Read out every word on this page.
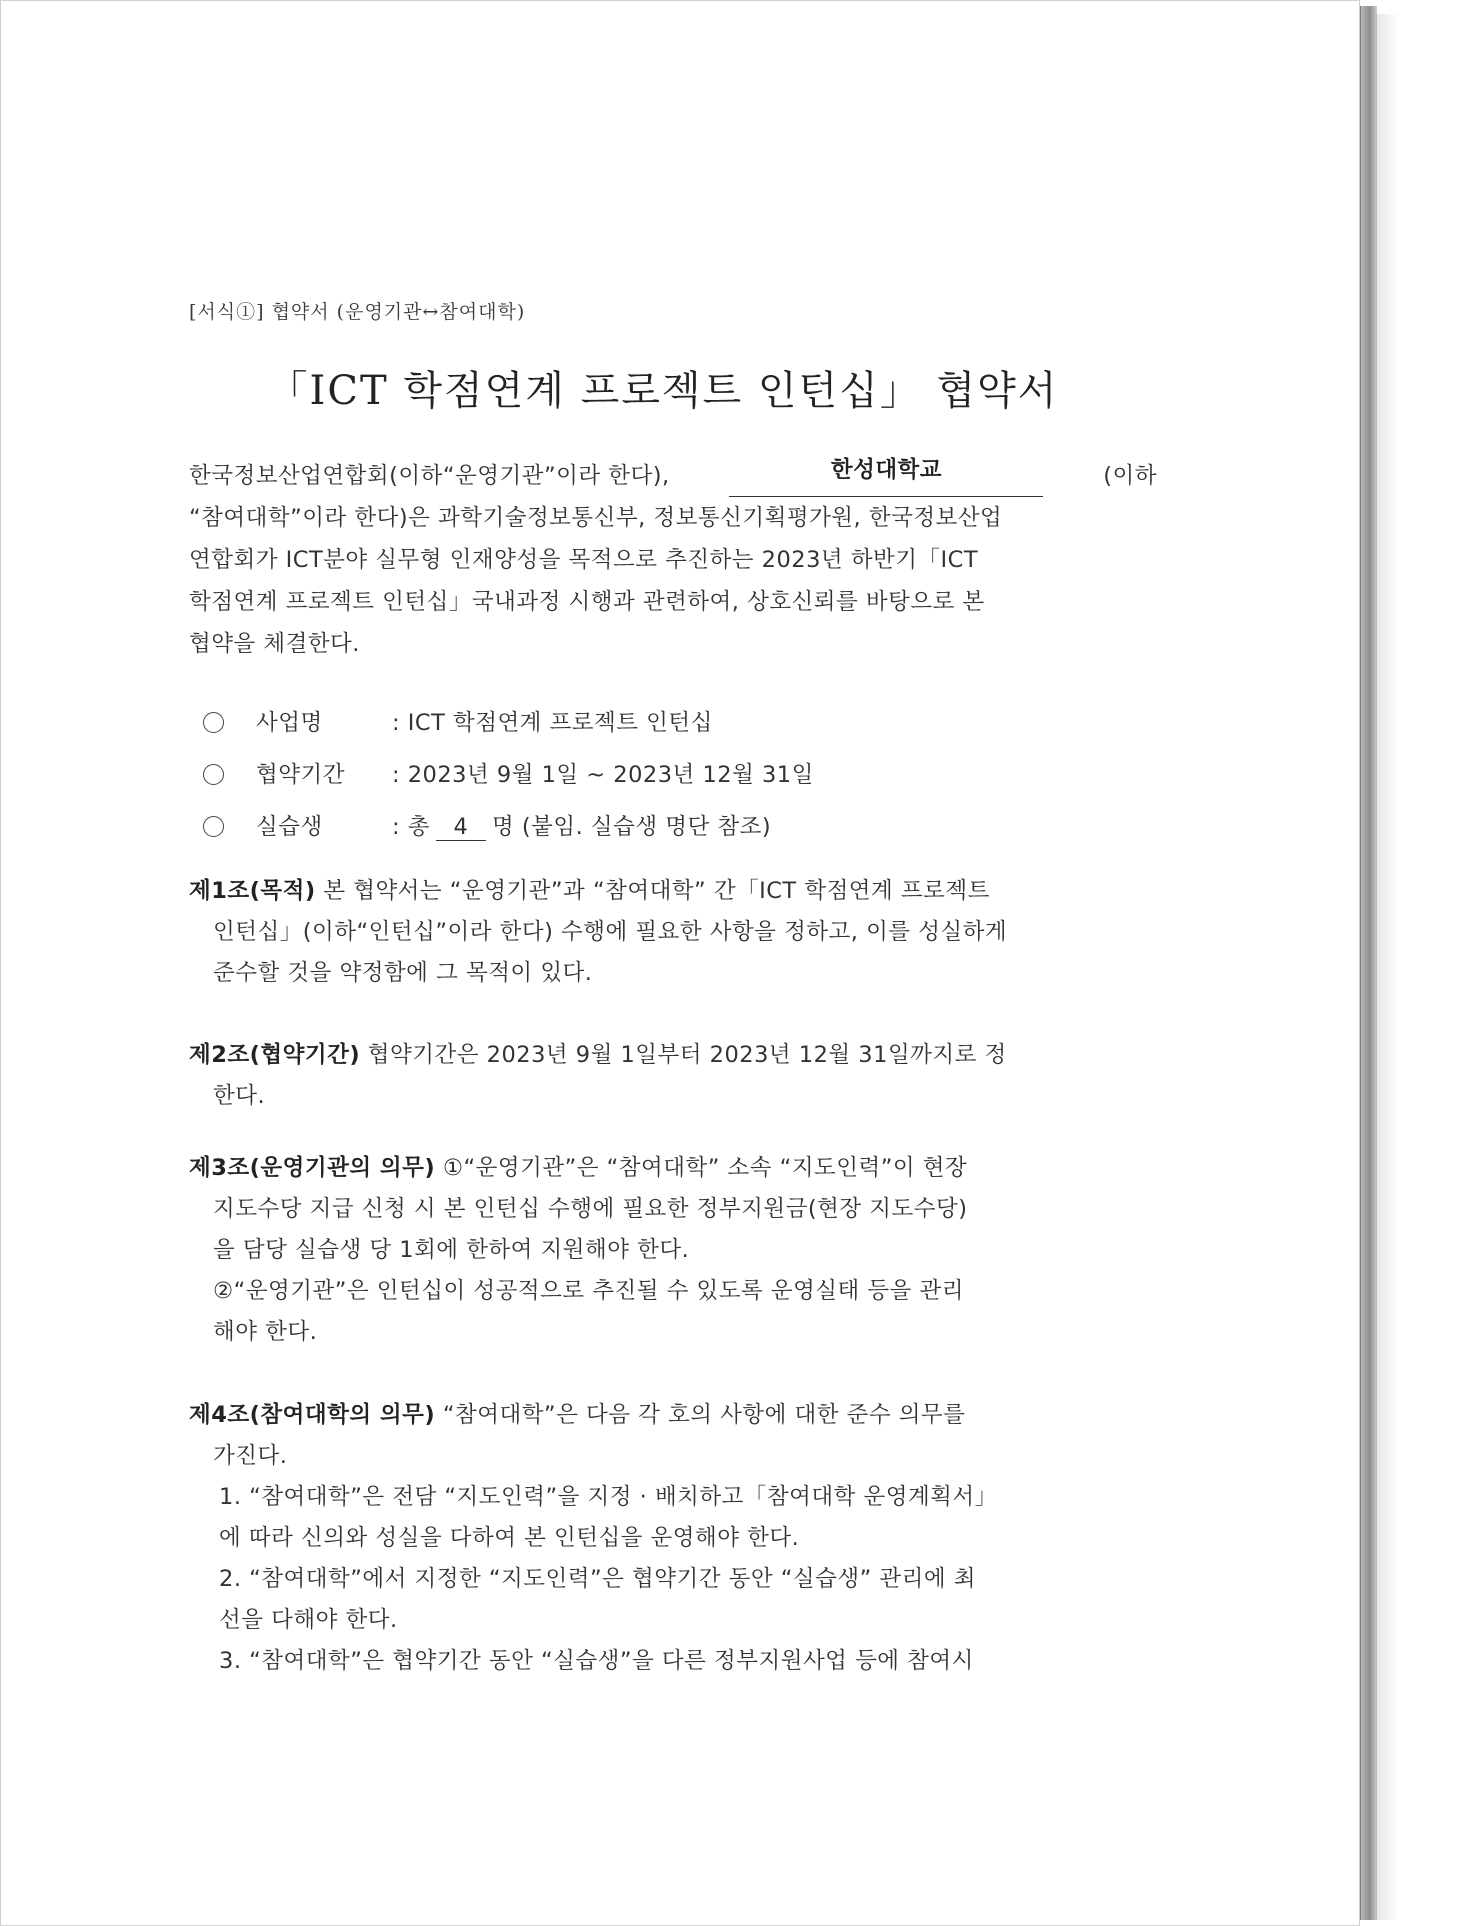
[서식①] 협약서 (운영기관↔참여대학)
「ICT 학점연계 프로젝트 인턴십」 협약서
한국정보산업연합회(이하“운영기관”이라 한다),	한성대학교	(이하
“참여대학”이라 한다)은 과학기술정보통신부, 정보통신기획평가원, 한국정보산업
연합회가 ICT분야 실무형 인재양성을 목적으로 추진하는 2023년 하반기「ICT
학점연계 프로젝트 인턴십」국내과정 시행과 관련하여, 상호신뢰를 바탕으로 본
협약을 체결한다.
사업명	: ICT 학점연계 프로젝트 인턴십
협약기간 : 2023년 9월 1일 ~ 2023년 12월 31일
실습생	: 총 4 명 (붙임. 실습생 명단 참조)
제1조(목적) 본 협약서는 “운영기관”과 “참여대학” 간「ICT 학점연계 프로젝트
인턴십」(이하“인턴십”이라 한다) 수행에 필요한 사항을 정하고, 이를 성실하게
준수할 것을 약정함에 그 목적이 있다.
제2조(협약기간) 협약기간은 2023년 9월 1일부터 2023년 12월 31일까지로 정
한다.
제3조(운영기관의 의무) ①“운영기관”은 “참여대학” 소속 “지도인력”이 현장
지도수당 지급 신청 시 본 인턴십 수행에 필요한 정부지원금(현장 지도수당)
을 담당 실습생 당 1회에 한하여 지원해야 한다.
②“운영기관”은 인턴십이 성공적으로 추진될 수 있도록 운영실태 등을 관리
해야 한다.
제4조(참여대학의 의무) “참여대학”은 다음 각 호의 사항에 대한 준수 의무를
가진다.
1. “참여대학”은 전담 “지도인력”을 지정 · 배치하고「참여대학 운영계획서」
에 따라 신의와 성실을 다하여 본 인턴십을 운영해야 한다.
2. “참여대학”에서 지정한 “지도인력”은 협약기간 동안 “실습생” 관리에 최
선을 다해야 한다.
3. “참여대학”은 협약기간 동안 “실습생”을 다른 정부지원사업 등에 참여시
